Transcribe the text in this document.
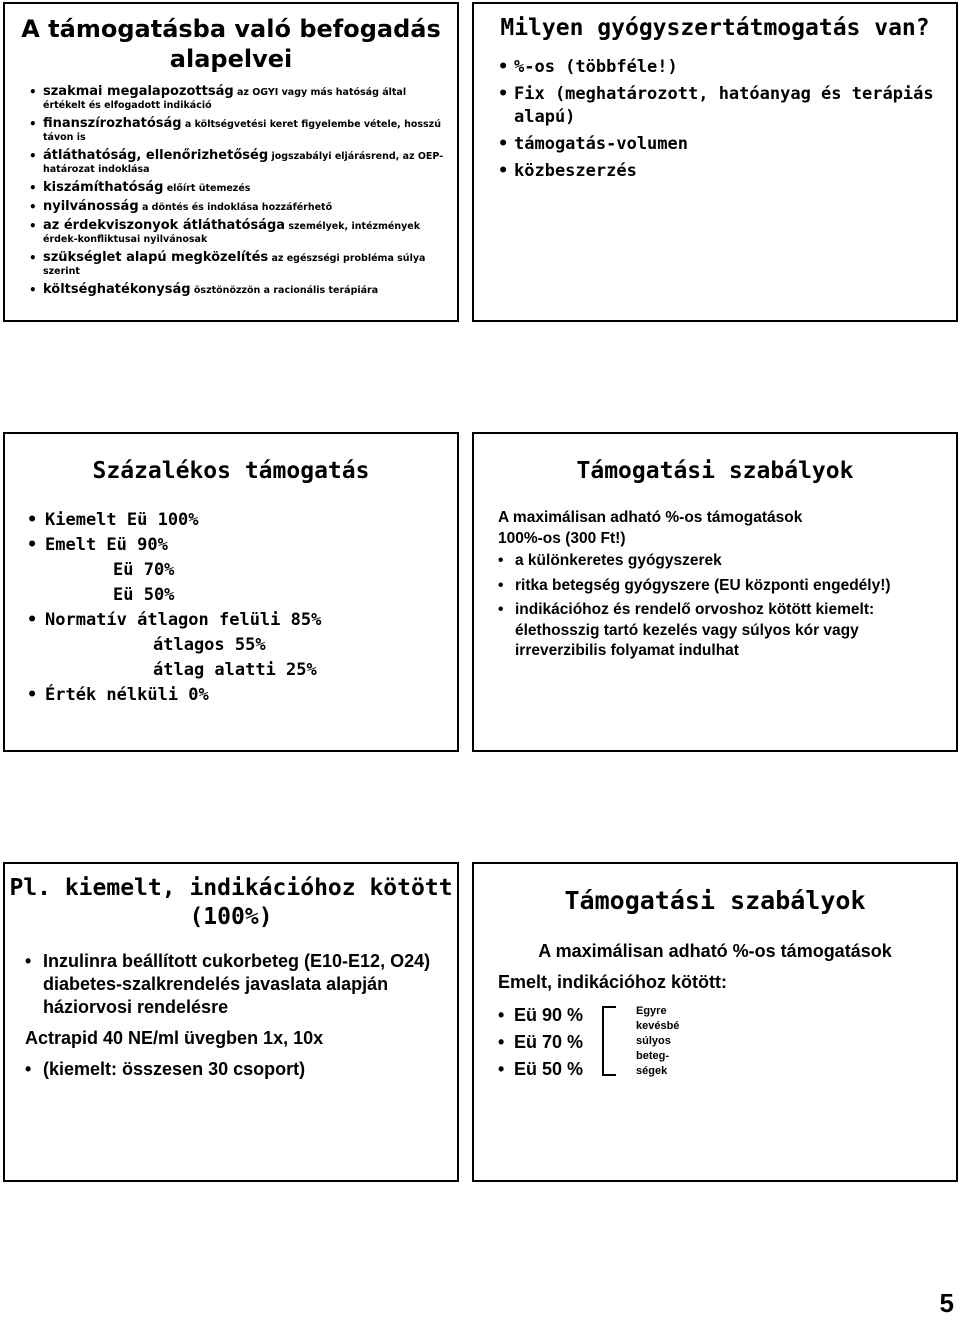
A támogatásba való befogadás alapelvei
• szakmai megalapozottság az OGYI vagy más hatóság által értékelt és elfogadott indikáció
• finanszírozhatóság a költségvetési keret figyelembe vétele, hosszú távon is
• átláthatóság, ellenőrizhetőség jogszabályi eljárásrend, az OEP-határozat indoklása
• kiszámíthatóság előírt ütemezés
• nyilvánosság a döntés és indoklása hozzáférhető
• az érdekviszonyok átláthatósága személyek, intézmények érdek-konfliktusai nyilvánosak
• szükséglet alapú megközelítés az egészségi probléma súlya szerint
• költséghatékonyság ösztönözzön a racionális terápiára
Milyen gyógyszertátmogatás van?
• %-os (többféle!)
• Fix (meghatározott, hatóanyag és terápiás alapú)
• támogatás-volumen
• közbeszerzés
Százalékos támogatás
• Kiemelt Eü 100%
• Emelt Eü 90%
Eü 70%
Eü 50%
• Normatív átlagon felüli 85%
átlagos 55%
átlag alatti 25%
• Érték nélküli 0%
Támogatási szabályok
A maximálisan adható %-os támogatások
100%-os (300 Ft!)
• a különkeretes gyógyszerek
• ritka betegség gyógyszere (EU központi engedély!)
• indikációhoz és rendelő orvoshoz kötött kiemelt: élethosszig tartó kezelés vagy súlyos kór vagy irreverzibilis folyamat indulhat
Pl. kiemelt, indikációhoz kötött (100%)
• Inzulinra beállított cukorbeteg (E10-E12, O24) diabetes-szalkrendelés javaslata alapján háziorvosi rendelésre
Actrapid 40 NE/ml üvegben 1x, 10x
• (kiemelt: összesen 30 csoport)
Támogatási szabályok
A maximálisan adható %-os támogatások
Emelt, indikációhoz kötött:
• Eü 90 %
• Eü 70 %
• Eü 50 %
Egyre kevésbé súlyos beteg-ségek
5
